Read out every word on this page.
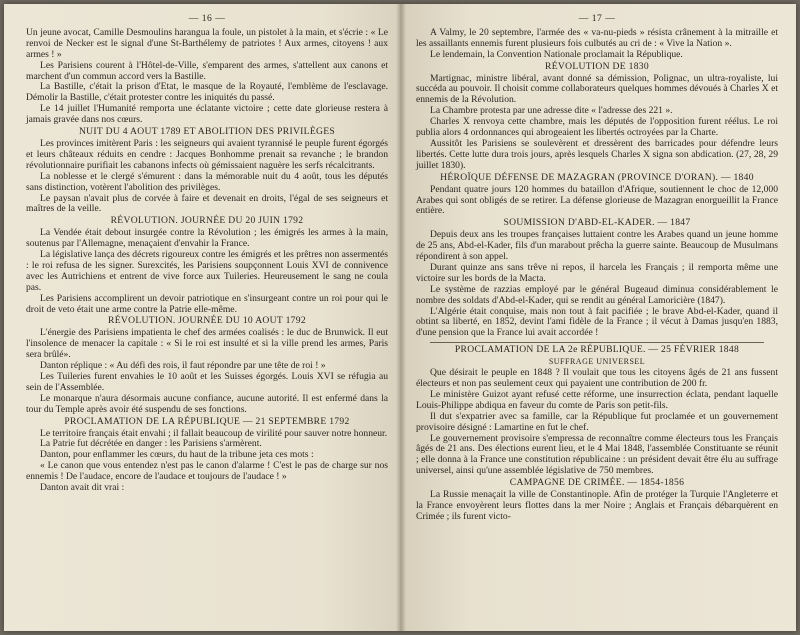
— 16 —

Un jeune avocat, Camille Desmoulins harangua la foule, un pistolet à la main, et s'écrie : « Le renvoi de Necker est le signal d'une St-Barthélemy de patriotes ! Aux armes, citoyens ! aux armes ! »

Les Parisiens courent à l'Hôtel-de-Ville, s'emparent des armes, s'attellent aux canons et marchent d'un commun accord vers la Bastille.

La Bastille, c'était la prison d'Etat, le masque de la Royauté, l'emblème de l'esclavage. Démolir la Bastille, c'était protester contre les iniquités du passé.

Le 14 juillet l'Humanité remporta une éclatante victoire ; cette date glorieuse restera à jamais gravée dans nos cœurs.

NUIT DU 4 AOUT 1789 ET ABOLITION DES PRIVILÈGES

Les provinces imitèrent Paris : les seigneurs qui avaient tyrannisé le peuple furent égorgés et leurs châteaux réduits en cendre : Jacques Bonhomme prenait sa revanche ; le brandon révolutionnaire purifiait les cabanons infects où gémissaient naguère les serfs récalcitrants.

La noblesse et le clergé s'émurent : dans la mémorable nuit du 4 août, tous les députés sans distinction, votèrent l'abolition des privilèges.

Le paysan n'avait plus de corvée à faire et devenait en droits, l'égal de ses seigneurs et maîtres de la veille.

RÉVOLUTION. JOURNÉE DU 20 JUIN 1792

La Vendée était debout insurgée contre la Révolution ; les émigrés les armes à la main, soutenus par l'Allemagne, menaçaient d'envahir la France.

La législative lança des décrets rigoureux contre les émigrés et les prêtres non assermentés : le roi refusa de les signer. Surexcités, les Parisiens soupçonnent Louis XVI de connivence avec les Autrichiens et entrent de vive force aux Tuileries. Heureusement le sang ne coula pas.

Les Parisiens accomplirent un devoir patriotique en s'insurgeant contre un roi pour qui le droit de veto était une arme contre la Patrie elle-même.

RÉVOLUTION. JOURNÉE DU 10 AOUT 1792

L'énergie des Parisiens impatienta le chef des armées coalisés : le duc de Brunwick. Il eut l'insolence de menacer la capitale : « Si le roi est insulté et si la ville prend les armes, Paris sera brûlé».

Danton réplique : « Au défi des rois, il faut répondre par une tête de roi ! »

Les Tuileries furent envahies le 10 août et les Suisses égorgés. Louis XVI se réfugia au sein de l'Assemblée.

Le monarque n'aura désormais aucune confiance, aucune autorité. Il est enfermé dans la tour du Temple après avoir été suspendu de ses fonctions.

PROCLAMATION DE LA RÉPUBLIQUE — 21 SEPTEMBRE 1792

Le territoire français était envahi ; il fallait beaucoup de virilité pour sauver notre honneur.

La Patrie fut décrétée en danger : les Parisiens s'armèrent.

Danton, pour enflammer les cœurs, du haut de la tribune jeta ces mots :

« Le canon que vous entendez n'est pas le canon d'alarme ! C'est le pas de charge sur nos ennemis ! De l'audace, encore de l'audace et toujours de l'audace ! »

Danton avait dit vrai :

— 17 —

A Valmy, le 20 septembre, l'armée des « va-nu-pieds » résista crânement à la mitraille et les assaillants ennemis furent plusieurs fois culbutés au cri de : « Vive la Nation ».

Le lendemain, la Convention Nationale proclamait la République.

RÉVOLUTION DE 1830

Martignac, ministre libéral, avant donné sa démission, Polignac, un ultra-royaliste, lui succéda au pouvoir. Il choisit comme collaborateurs quelques hommes dévoués à Charles X et ennemis de la Révolution.

La Chambre protesta par une adresse dite « l'adresse des 221 ».

Charles X renvoya cette chambre, mais les députés de l'opposition furent réélus. Le roi publia alors 4 ordonnances qui abrogeaient les libertés octroyées par la Charte.

Aussitôt les Parisiens se soulevèrent et dressèrent des barricades pour défendre leurs libertés. Cette lutte dura trois jours, après lesquels Charles X signa son abdication. (27, 28, 29 juillet 1830).

HÉROÏQUE DÉFENSE DE MAZAGRAN (PROVINCE D'ORAN). — 1840

Pendant quatre jours 120 hommes du bataillon d'Afrique, soutiennent le choc de 12,000 Arabes qui sont obligés de se retirer. La défense glorieuse de Mazagran enorgueillit la France entière.

SOUMISSION D'ABD-EL-KADER. — 1847

Depuis deux ans les troupes françaises luttaient contre les Arabes quand un jeune homme de 25 ans, Abd-el-Kader, fils d'un marabout prêcha la guerre sainte. Beaucoup de Musulmans répondirent à son appel.

Durant quinze ans sans trêve ni repos, il harcela les Français ; il remporta même une victoire sur les bords de la Macta.

Le système de razzias employé par le général Bugeaud diminua considérablement le nombre des soldats d'Abd-el-Kader, qui se rendit au général Lamoricière (1847).

L'Algérie était conquise, mais non tout à fait pacifiée ; le brave Abd-el-Kader, quand il obtint sa liberté, en 1852, devint l'ami fidèle de la France ; il vécut à Damas jusqu'en 1883, d'une pension que la France lui avait accordée !

PROCLAMATION DE LA 2e RÉPUBLIQUE. — 25 FÉVRIER 1848
SUFFRAGE UNIVERSEL

Que désirait le peuple en 1848 ? Il voulait que tous les citoyens âgés de 21 ans fussent électeurs et non pas seulement ceux qui payaient une contribution de 200 fr.

Le ministère Guizot ayant refusé cette réforme, une insurrection éclata, pendant laquelle Louis-Philippe abdiqua en faveur du comte de Paris son petit-fils.

Il dut s'expatrier avec sa famille, car la République fut proclamée et un gouvernement provisoire désigné : Lamartine en fut le chef.

Le gouvernement provisoire s'empressa de reconnaître comme électeurs tous les Français âgés de 21 ans. Des élections eurent lieu, et le 4 Mai 1848, l'assemblée Constituante se réunit ; elle donna à la France une constitution républicaine : un président devait être élu au suffrage universel, ainsi qu'une assemblée législative de 750 membres.

CAMPAGNE DE CRIMÉE. — 1854-1856

La Russie menaçait la ville de Constantinople. Afin de protéger la Turquie l'Angleterre et la France envoyèrent leurs flottes dans la mer Noire ; Anglais et Français débarquèrent en Crimée ; ils furent victo-
